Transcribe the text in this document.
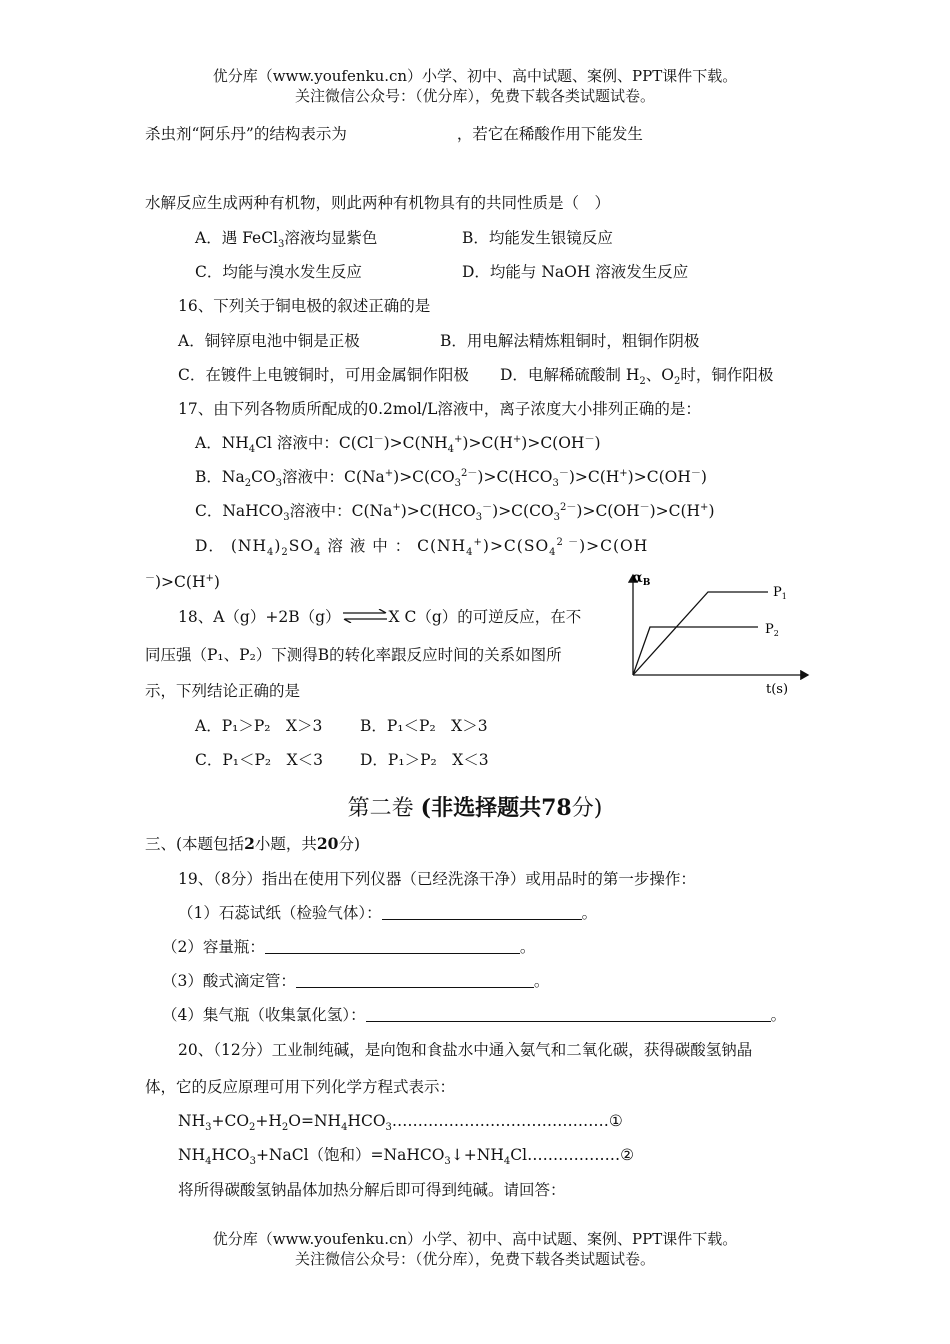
优分库（www.youfenku.cn）小学、初中、高中试题、案例、PPT课件下载。
关注微信公众号：（优分库），免费下载各类试题试卷。
杀虫剂“阿乐丹”的结构表示为	，若它在稀酸作用下能发生
水解反应生成两种有机物，则此两种有机物具有的共同性质是（　）
A．遇 FeCl$_3$溶液均显紫色	B．均能发生银镜反应
C．均能与溴水发生反应	D．均能与 NaOH 溶液发生反应
16、下列关于铜电极的叙述正确的是
A．铜锌原电池中铜是正极	B．用电解法精炼粗铜时，粗铜作阴极
C．在镀件上电镀铜时，可用金属铜作阳极 D．电解稀硫酸制 $H_2$、$O_2$时，铜作阳极
17、由下列各物质所配成的0.2mol/L溶液中，离子浓度大小排列正确的是：
A．$NH_4Cl$ 溶液中：$C(Cl^-)>C(NH_4^+)>C(H^+)>C(OH^-)$
B．$Na_2CO_3$溶液中：$C(Na^+)>C(CO_3^{2-})>C(HCO_3^-)>C(H^+)>C(OH^-)$
C．NaHCO$_3$溶液中：$C(Na^+)>C(HCO_3^-)>C(CO_3^{2-})>C(OH^-)>C(H^+)$
D． $(NH_4)_2SO_4$ 溶 液 中 ： $C(NH_4^+)>C(SO_4^{2 -})>C(OH$
－)>C(H+)
18、A（g）+2B（g）⇌X C（g）的可逆反应，在不
同压强（P₁、P₂）下测得B的转化率跟反应时间的关系如图所
示，下列结论正确的是
A．P₁＞P₂　X＞3 B．P₁＜P₂　X＞3
C．P₁＜P₂　X＜3 D．P₁＞P₂　X＜3
$\alpha_B$
$P_1$
$P_2$
t(s)
第二卷 (非选择题共78分)
三、(本题包括2小题，共20分)
19、（8分）指出在使用下列仪器（已经洗涤干净）或用品时的第一步操作：
（1）石蕊试纸（检验气体）：	。
（2）容量瓶：	。
（3）酸式滴定管：	。
（4）集气瓶（收集氯化氢）：	。
20、（12分）工业制纯碱，是向饱和食盐水中通入氨气和二氧化碳，获得碳酸氢钠晶
体，它的反应原理可用下列化学方程式表示：
$NH_3+CO_2+H_2O=NH_4HCO_3\dots\dots\dots\dots\dots\dots\dots\dots\dots\dots\dots\dots\dots\dots ①$
$NH_4HCO_3+NaCl$（饱和）$=NaHCO_3↓+NH_4Cl\dots\dots\dots\dots\dots\dots ②$
将所得碳酸氢钠晶体加热分解后即可得到纯碱。请回答：
优分库（www.youfenku.cn）小学、初中、高中试题、案例、PPT课件下载。
关注微信公众号：（优分库），免费下载各类试题试卷。
